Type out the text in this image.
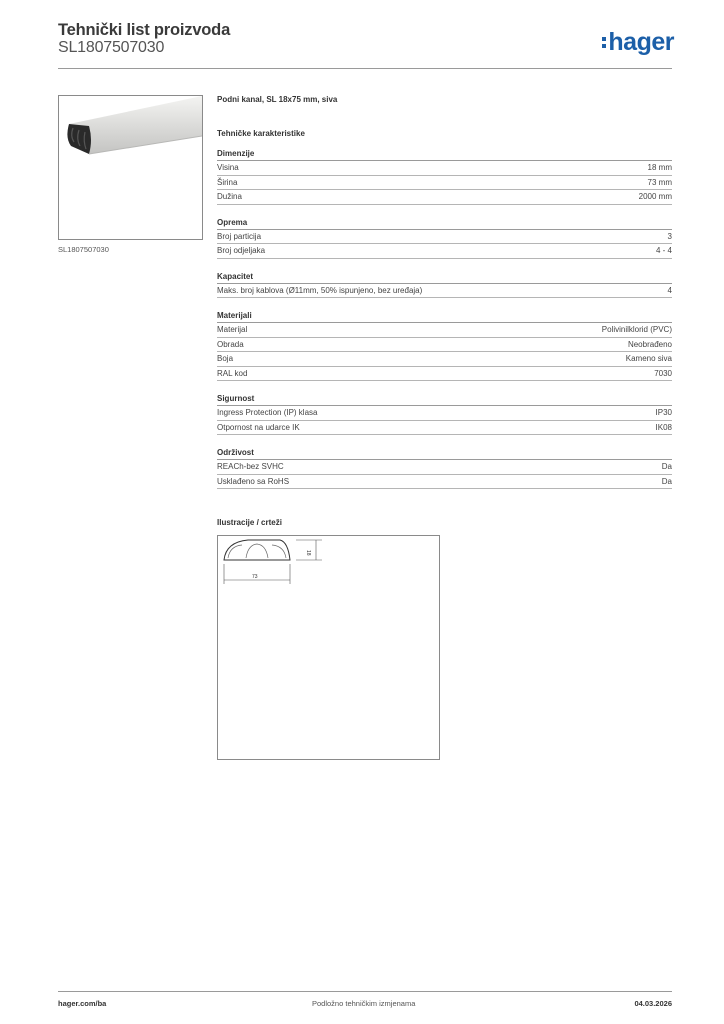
Tehnički list proizvoda
SL1807507030	hager
SL1807507030
Podni kanal, SL 18x75 mm, siva
Tehničke karakteristike
Dimenzije
Visina	18 mm
Širina	73 mm
Dužina	2000 mm
Oprema
Broj particija	3
Broj odjeljaka	4 - 4
Kapacitet
Maks. broj kablova (Ø11mm, 50% ispunjeno, bez uređaja)	4
Materijali
Materijal	Polivinilklorid (PVC)
Obrada	Neobrađeno
Boja	Kameno siva
RAL kod	7030
Sigurnost
Ingress Protection (IP) klasa	IP30
Otpornost na udarce IK	IK08
Održivost
REACh-bez SVHC	Da
Usklađeno sa RoHS	Da
Ilustracije / crteži
18
73
hager.com/ba	Podložno tehničkim izmjenama	04.03.2026
